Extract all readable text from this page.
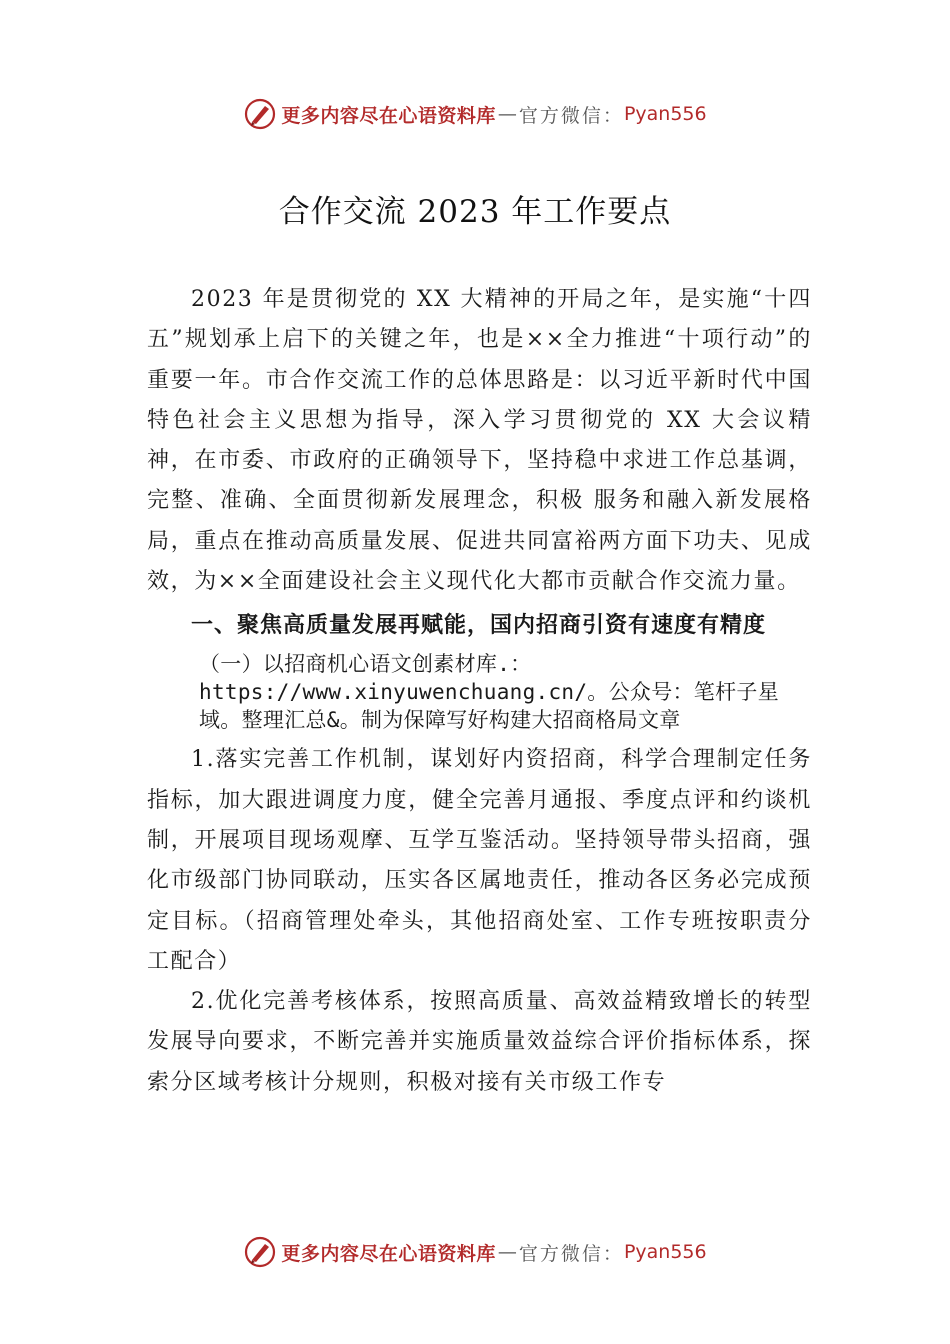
更多内容尽在心语资料库 — 官方微信： Pyan556
合作交流 2023 年工作要点

2023 年是贯彻党的 XX 大精神的开局之年，是实施“十四五”规划承上启下的关键之年，也是××全力推进“十项行动”的重要一年。市合作交流工作的总体思路是：以习近平新时代中国特色社会主义思想为指导，深入学习贯彻党的 XX 大会议精神，在市委、市政府的正确领导下，坚持稳中求进工作总基调，完整、准确、全面贯彻新发展理念，积极 服务和融入新发展格局，重点在推动高质量发展、促进共同富裕两方面下功夫、见成效，为××全面建设社会主义现代化大都市贡献合作交流力量。

一、聚焦高质量发展再赋能，国内招商引资有速度有精度

（一）以招商机心语文创素材库.：https://www.xinyuwenchuang.cn/。公众号：笔杆子星域。整理汇总&。制为保障写好构建大招商格局文章

1.落实完善工作机制，谋划好内资招商，科学合理制定任务指标，加大跟进调度力度，健全完善月通报、季度点评和约谈机制，开展项目现场观摩、互学互鉴活动。坚持领导带头招商，强化市级部门协同联动，压实各区属地责任，推动各区务必完成预定目标。（招商管理处牵头，其他招商处室、工作专班按职责分工配合）

2.优化完善考核体系，按照高质量、高效益精致增长的转型发展导向要求，不断完善并实施质量效益综合评价指标体系，探索分区域考核计分规则，积极对接有关市级工作专

更多内容尽在心语资料库 — 官方微信： Pyan556
